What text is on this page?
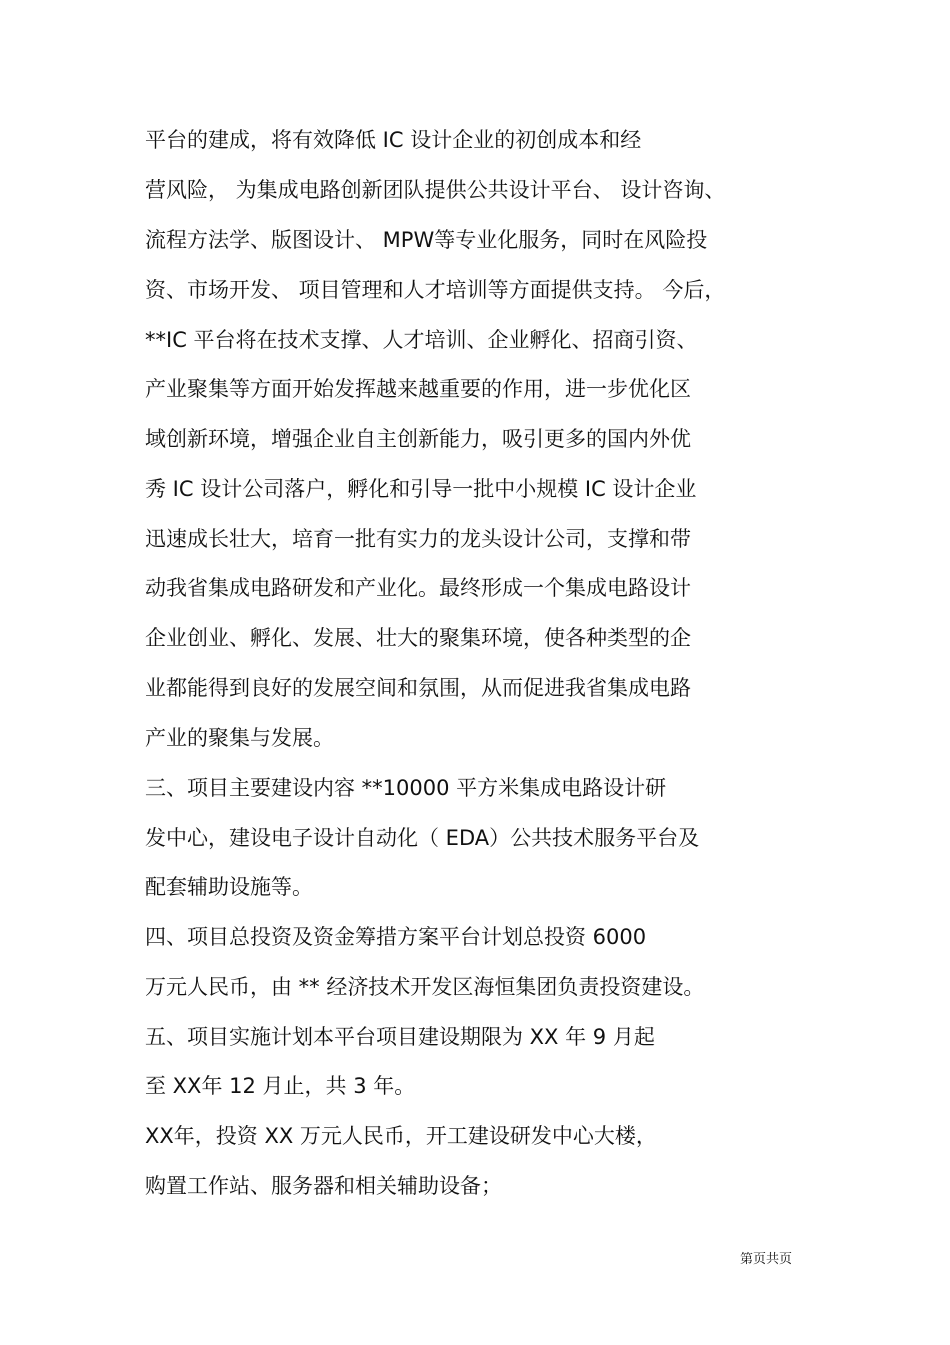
平台的建成，将有效降低 IC 设计企业的初创成本和经
营风险， 为集成电路创新团队提供公共设计平台、 设计咨询、
流程方法学、版图设计、 MPW等专业化服务，同时在风险投
资、市场开发、 项目管理和人才培训等方面提供支持。 今后，
**IC 平台将在技术支撑、人才培训、企业孵化、招商引资、
产业聚集等方面开始发挥越来越重要的作用，进一步优化区
域创新环境，增强企业自主创新能力，吸引更多的国内外优
秀 IC 设计公司落户，孵化和引导一批中小规模 IC 设计企业
迅速成长壮大，培育一批有实力的龙头设计公司，支撑和带
动我省集成电路研发和产业化。最终形成一个集成电路设计
企业创业、孵化、发展、壮大的聚集环境，使各种类型的企
业都能得到良好的发展空间和氛围，从而促进我省集成电路
产业的聚集与发展。
三、项目主要建设内容 **10000 平方米集成电路设计研
发中心，建设电子设计自动化（ EDA）公共技术服务平台及
配套辅助设施等。
四、项目总投资及资金筹措方案平台计划总投资 6000
万元人民币，由 ** 经济技术开发区海恒集团负责投资建设。
五、项目实施计划本平台项目建设期限为 XX 年 9 月起
至 XX年 12 月止，共 3 年。
XX年，投资 XX 万元人民币，开工建设研发中心大楼，
购置工作站、服务器和相关辅助设备；
第页共页
